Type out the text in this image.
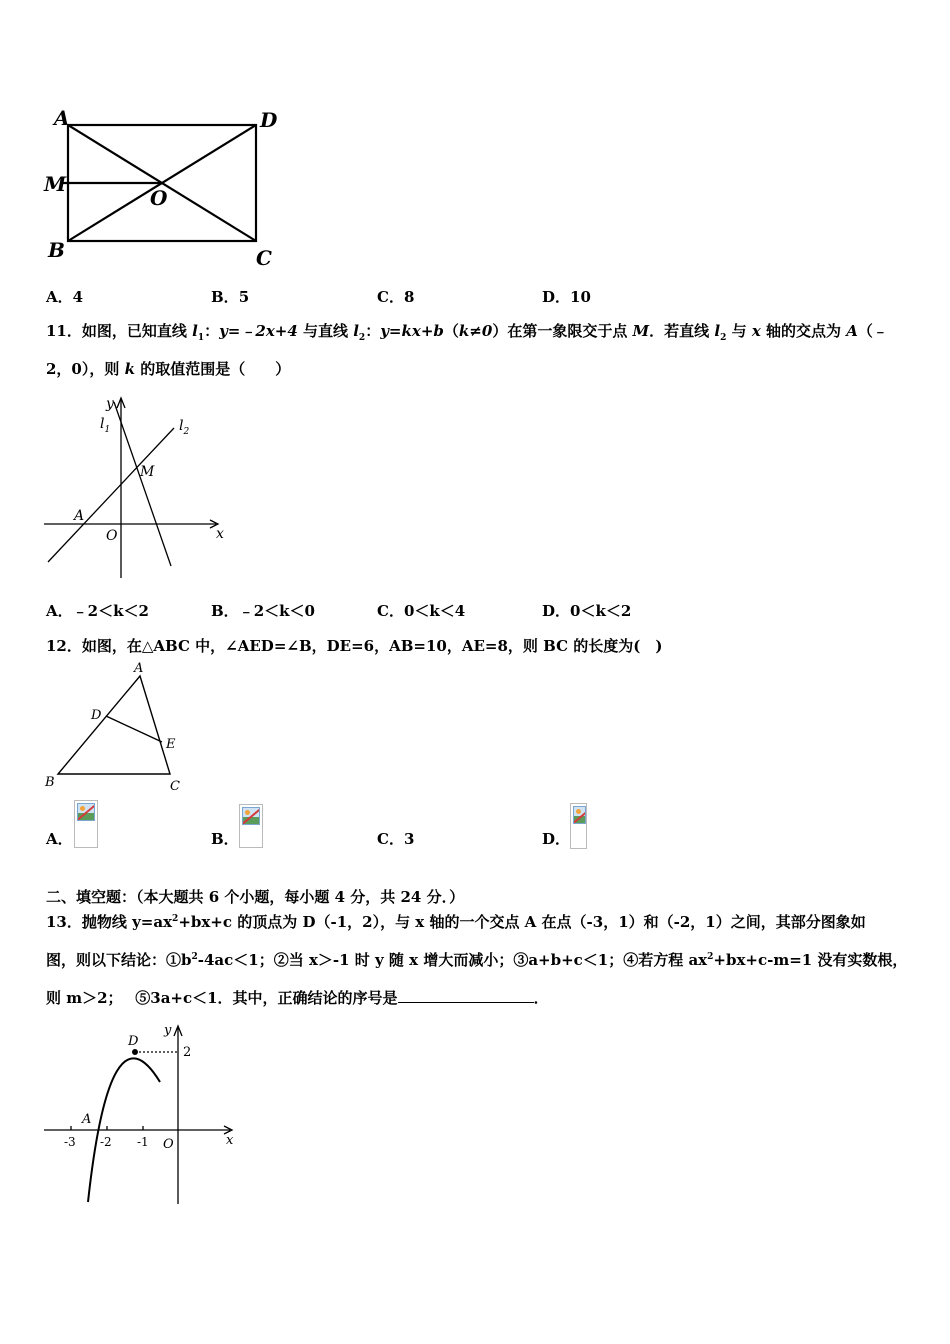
A	D
M
O
B	C
A．4	B．5	C．8	D．10
11．如图，已知直线 $l_1$：y=﹣2x+4 与直线 $l_2$：y=kx+b（k≠0）在第一象限交于点 M．若直线 $l_2$ 与 x 轴的交点为 A（﹣
2，0），则 k 的取值范围是（　　）
y
$l_1$	$l_2$
M
A
O	x
A．﹣2＜k＜2	B．﹣2＜k＜0	C．0＜k＜4	D．0＜k＜2
12．如图，在△ABC 中，∠AED=∠B，DE=6，AB=10，AE=8，则 BC 的长度为(　)
A
D
E
B	C
A．	B．	C．3	D．
二、填空题：（本大题共 6 个小题，每小题 4 分，共 24 分．）
13．抛物线 $y=ax^2+bx+c$ 的顶点为 D（-1，2），与 x 轴的一个交点 A 在点（-3，1）和（-2，1）之间，其部分图象如
图，则以下结论：$①b^2-4ac<1$；②当 x＞-1 时 y 随 x 增大而减小；③a+b+c＜1；④若方程 $ax^2+bx+c-m=1$ 没有实数根，
则 m＞2；　 ⑤3a+c＜1．其中，正确结论的序号是	．
y
D
2
A
-3 -2 -1 O	x
